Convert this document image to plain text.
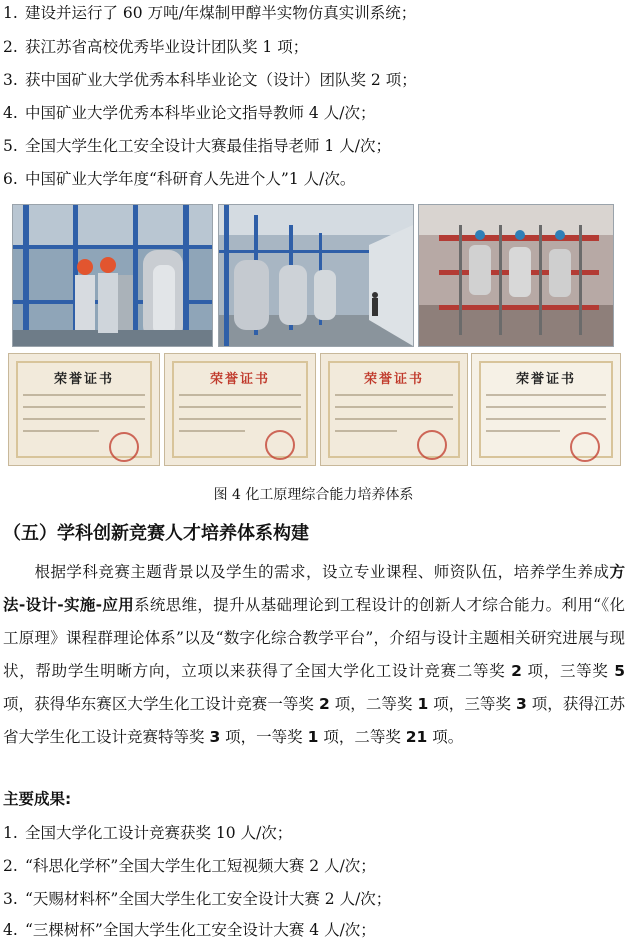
1. 建设并运行了 60 万吨/年煤制甲醇半实物仿真实训系统；
2. 获江苏省高校优秀毕业设计团队奖 1 项；
3. 获中国矿业大学优秀本科毕业论文（设计）团队奖 2 项；
4. 中国矿业大学优秀本科毕业论文指导教师 4 人/次；
5. 全国大学生化工安全设计大赛最佳指导老师 1 人/次；
6. 中国矿业大学年度“科研育人先进个人”1 人/次。
荣誉证书	荣誉证书	荣誉证书	荣誉证书
图 4 化工原理综合能力培养体系
（五）学科创新竞赛人才培养体系构建
根据学科竞赛主题背景以及学生的需求，设立专业课程、师资队伍，培养学生养成方法-设计-实施-应用系统思维，提升从基础理论到工程设计的创新人才综合能力。利用“《化工原理》课程群理论体系”以及“数字化综合教学平台”，介绍与设计主题相关研究进展与现状，帮助学生明晰方向，立项以来获得了全国大学化工设计竞赛二等奖 2 项，三等奖 5 项，获得华东赛区大学生化工设计竞赛一等奖 2 项，二等奖 1 项，三等奖 3 项，获得江苏省大学生化工设计竞赛特等奖 3 项，一等奖 1 项，二等奖 21 项。
主要成果:
1. 全国大学化工设计竞赛获奖 10 人/次；
2. “科思化学杯”全国大学生化工短视频大赛 2 人/次；
3. “天赐材料杯”全国大学生化工安全设计大赛 2 人/次；
4. “三棵树杯”全国大学生化工安全设计大赛 4 人/次；
